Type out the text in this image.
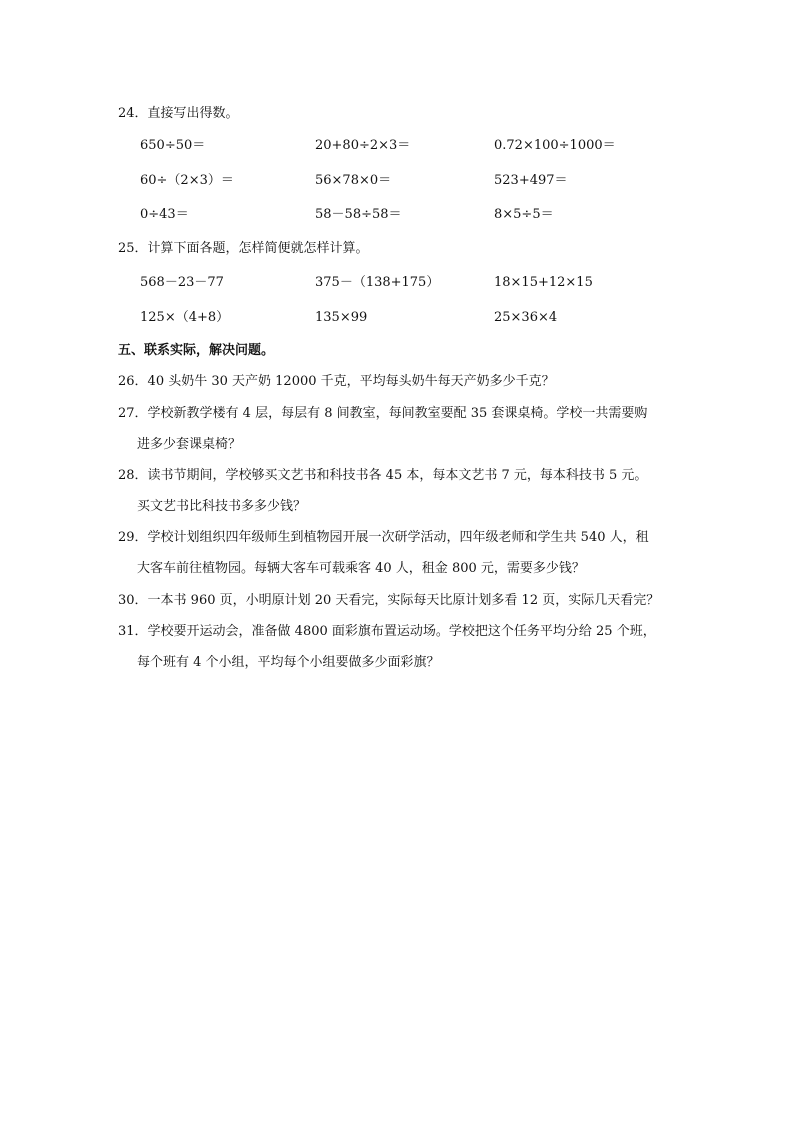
24．直接写出得数。
650÷50＝	20+80÷2×3＝	0.72×100÷1000＝
60÷（2×3）＝	56×78×0＝	523+497＝
0÷43＝	58－58÷58＝	8×5÷5＝
25．计算下面各题，怎样简便就怎样计算。
568－23－77	375－（138+175）	18×15+12×15
125×（4+8）	135×99	25×36×4
五、联系实际，解决问题。
26．40 头奶牛 30 天产奶 12000 千克，平均每头奶牛每天产奶多少千克？
27．学校新教学楼有 4 层，每层有 8 间教室，每间教室要配 35 套课桌椅。学校一共需要购
进多少套课桌椅？
28．读书节期间，学校够买文艺书和科技书各 45 本，每本文艺书 7 元，每本科技书 5 元。
买文艺书比科技书多多少钱？
29．学校计划组织四年级师生到植物园开展一次研学活动，四年级老师和学生共 540 人，租
大客车前往植物园。每辆大客车可载乘客 40 人，租金 800 元，需要多少钱？
30．一本书 960 页，小明原计划 20 天看完，实际每天比原计划多看 12 页，实际几天看完？
31．学校要开运动会，准备做 4800 面彩旗布置运动场。学校把这个任务平均分给 25 个班，
每个班有 4 个小组，平均每个小组要做多少面彩旗？
